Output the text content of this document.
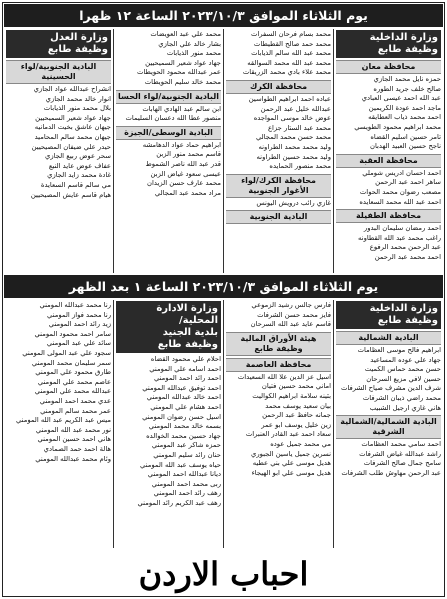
يوم الثلاثاء الموافق ٢٠٢٣/١٠/٣ الساعة ١٢ ظهرا
وزارة الداخلية
وظيفة طابع
محافظة معان
حمزه نايل محمد الجازي
صالح خلف جريد الطوره
عبد الله احمد عيسى العبادي
ماجد احمد عودة الكريمين
احمد محمد ذياب العطايقه
محمد ابراهيم محمود الطويسي
تامر حسين اسليم القضاه
ناجح حسين العبيد الهدبان
محافظة العقبة
احمد احسان ادريس شوملي
ساهر احمد عبد الرحمن
مصعب رضوان محمد الحوات
احمد عبد الله محمد السعايده
محافظة الطفيلة
احمد رمضان سليمان البدور
راغب محمد عبد الله القطاونه
عبد الرحمن محمد الرفوع
احمد محمد عبد الرحمن
محمد بسام فرحان السفرات
محمد حمد صالح القطيطات
محمد عبد الله سالم الذيابات
محمد عبد الله محمد السوالقه
محمد علاء بادي محمد الزريقات
محافظة الكرك
عباده احمد ابراهيم الطواسين
عبدالله خليل عبد الرحمن
عوض خالد موسى المواجده
محمد عبد الستار جزاع
محمد حسن محمد المجالي
وليد محمد محمد الطراونه
وليد محمد حسين الطراونه
محمد منصور الحمايده
محافظة الكرك/لواء الأغوار الجنوبية
غازي رائب درويش اليونس
البادية الجنوبية
محمد علي عبد العويضات
بشار خالد علي الجازي
محمد منور الذيابات
جهاد عواد شعير السميحيين
عمر عبدالله محمود الحويطات
محمد خالد سليم الحويطات
البادية الجنوبية/لواء الحسا
ابن سالم عبد الهادي الهابات
منصور عطا الله دعسان السليمات
البادية الوسطى/الجيزة
ابراهيم حماد عواد الدهامشه
قاسم محمد منور الزبن
قدر عبد الله ناصر الشموط
عيسى سعود غياض الزبن
محمد عارف حسن الزيدان
مراد محمد عبد المجالي
وزارة العدل
وظيفة طابع
البادية الجنوبية/لواء الحسينية
انشراح عبدالله عواد الجازي
انوار خالد محمد الجازي
بلال محمد منور الذيابات
جهاد عواد شعير السميحيين
جيهان عاشق بخيت الدمانيه
جيهان محمد سالم المحاميد
حيدر علي ضيفان المصيحيين
سحر عوض ربيع الجازي
عفاف عوض عايد النبع
غادة محمد زايد الجازي
مي سالم قاسم السعايدة
هيام قاسم عايش المصيحيين
يوم الثلاثاء الموافق ٢٠٢٣/١٠/٣ الساعة ١ بعد الظهر
وزارة الداخلية
وظيفة طابع
البادية الشمالية
ابراهيم فالح موسى العظامات
جهاد علي عوده المساعيد
حسن محمد حماس الكميت
حسين لافي مزيع السرحان
شرف الدين مشرف صياح الشرفات
محمد راضي ذيبان الشرفات
هاني غازي ارجيل الشبيب
البادية الشمالية/الشمالية الشرقية
احمد سامي محمد العظامات
راشد عبدالله غياض الشرفات
سامح جمال صالح الشرفات
عبد الرحمن مهاوش طلب الشرفات
فارس جالس رشيد الزموعي
فايز محمد حسن الشرفات
قاسم عايد عبد الله السرحان
هيئة الأوراق المالية
وظيفة طابع
محافظة العاصمة
اسيل عز الدين علا الله السعيدات
اماني محمد حسين فتيان
بثينه سلامة ابراهيم الكواليت
بيان سعيد يوسف محمد
جمانه حافظ عبد الرحمن
زين خليل يوسف ابو عمر
سعاد احمد عبد القادر العنبرات
مي محمد جميل عوده
نسرين جميل ياسين الجبوري
هديل موسى علي بني عطيه
هديل موسى علي ابو الهيجاء
وزارة الادارة المحلية/
بلدية الجنيد
وظيفة طابع
احلام علي محمود القضاه
احمد اسامه علي المومني
احمد رائد احمد المومني
احمد توفيق عبدالله المومني
احمد خالد عبدالله المومني
احمد هشام علي المومني
اسيل حسن رضوان المومني
بسمه خالد محمد المومني
جهاد حسين محمد الخوالده
حمزه شاكر عبد المومني
حنان رائد سليم المومني
حياه يوسف عبد الله المومني
ديانا عبدالله احمد المومني
ربى محمد احمد المومني
رهف رائد احمد المومني
رهف عبد الكريم رائد المومني
رنا محمد عبدالله المومني
رنا محمد فواز المومني
زيد رائد احمد المومني
سامر احمد محمود المومني
سائد علي عبد المومني
سجود علي عبد المولى المومني
سمر سليمان محمد المومني
طارق محمود علي المومني
عاصم محمد علي المومني
عبدالله محمد علي المومني
عدي محمد احمد المومني
عمر محمد سالم المومني
ميس عبد الكريم عبد الله المومني
نور محمد عبد الله المومني
هاني احمد حسين المومني
هالة احمد حمد الصمادي
وئام محمد عبدالله المومني
احباب الاردن
